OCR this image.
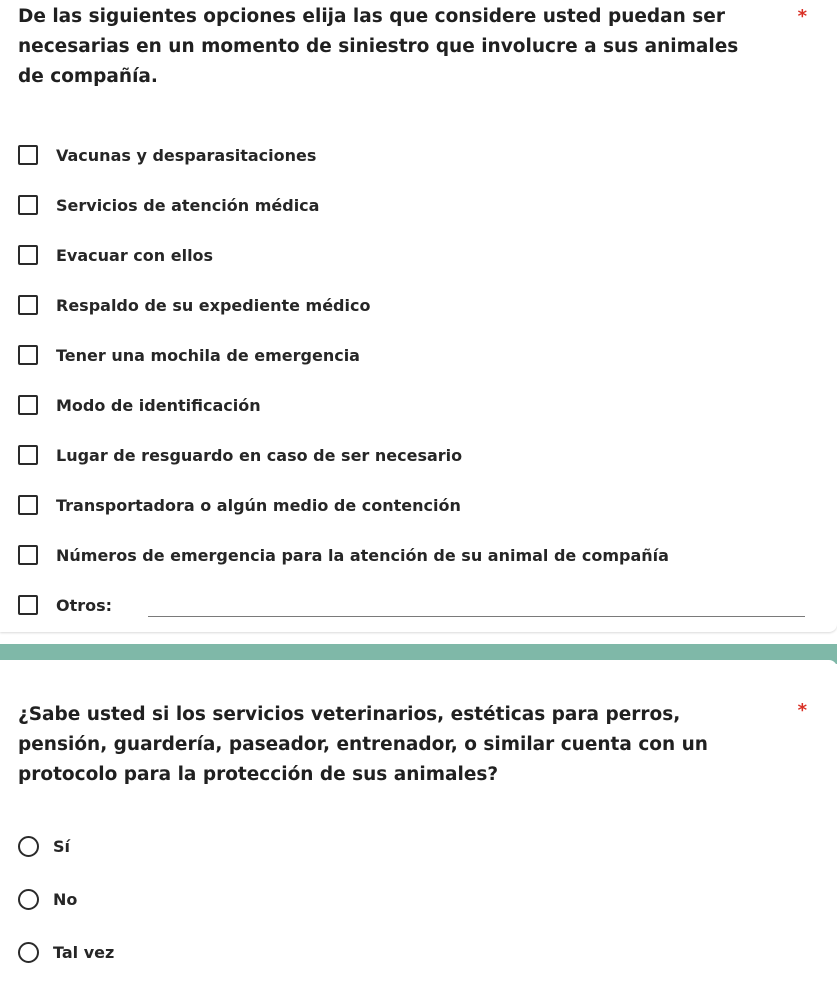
De las siguientes opciones elija las que considere usted puedan ser necesarias en un momento de siniestro que involucre a sus animales de compañía.
*
Vacunas y desparasitaciones
Servicios de atención médica
Evacuar con ellos
Respaldo de su expediente médico
Tener una mochila de emergencia
Modo de identificación
Lugar de resguardo en caso de ser necesario
Transportadora o algún medio de contención
Números de emergencia para la atención de su animal de compañía
Otros:
¿Sabe usted si los servicios veterinarios, estéticas para perros, pensión, guardería, paseador, entrenador, o similar cuenta con un protocolo para la protección de sus animales?
*
Sí
No
Tal vez
